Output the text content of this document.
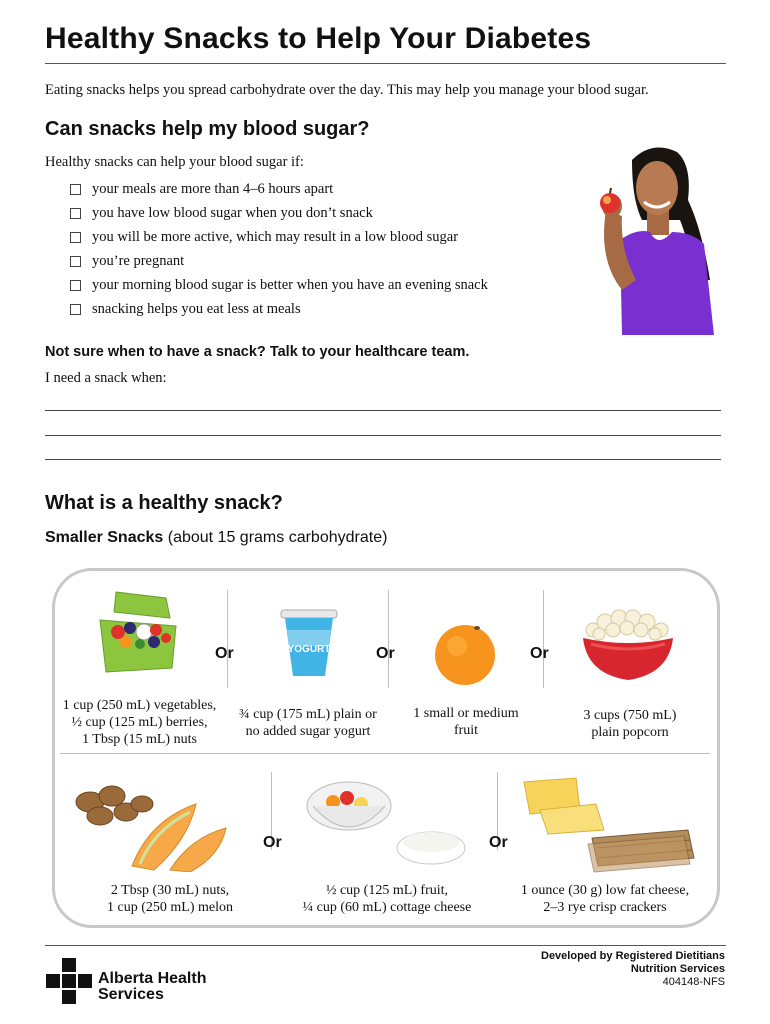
Healthy Snacks to Help Your Diabetes
Eating snacks helps you spread carbohydrate over the day. This may help you manage your blood sugar.
Can snacks help my blood sugar?
Healthy snacks can help your blood sugar if:
your meals are more than 4–6 hours apart
you have low blood sugar when you don’t snack
you will be more active, which may result in a low blood sugar
you’re pregnant
your morning blood sugar is better when you have an evening snack
snacking helps you eat less at meals
Not sure when to have a snack? Talk to your healthcare team.
I need a snack when:
What is a healthy snack?
Smaller Snacks (about 15 grams carbohydrate)
Or	Or	Or
Or	Or
YOGURT
1 cup (250 mL) vegetables,
½ cup (125 mL) berries,
1 Tbsp (15 mL) nuts
¾ cup (175 mL) plain or
no added sugar yogurt
1 small or medium
fruit
3 cups (750 mL)
plain popcorn
2 Tbsp (30 mL) nuts,
1 cup (250 mL) melon
½ cup (125 mL) fruit,
¼ cup (60 mL) cottage cheese
1 ounce (30 g) low fat cheese,
2–3 rye crisp crackers
Alberta Health
Services
Developed by Registered Dietitians
Nutrition Services
404148-NFS
